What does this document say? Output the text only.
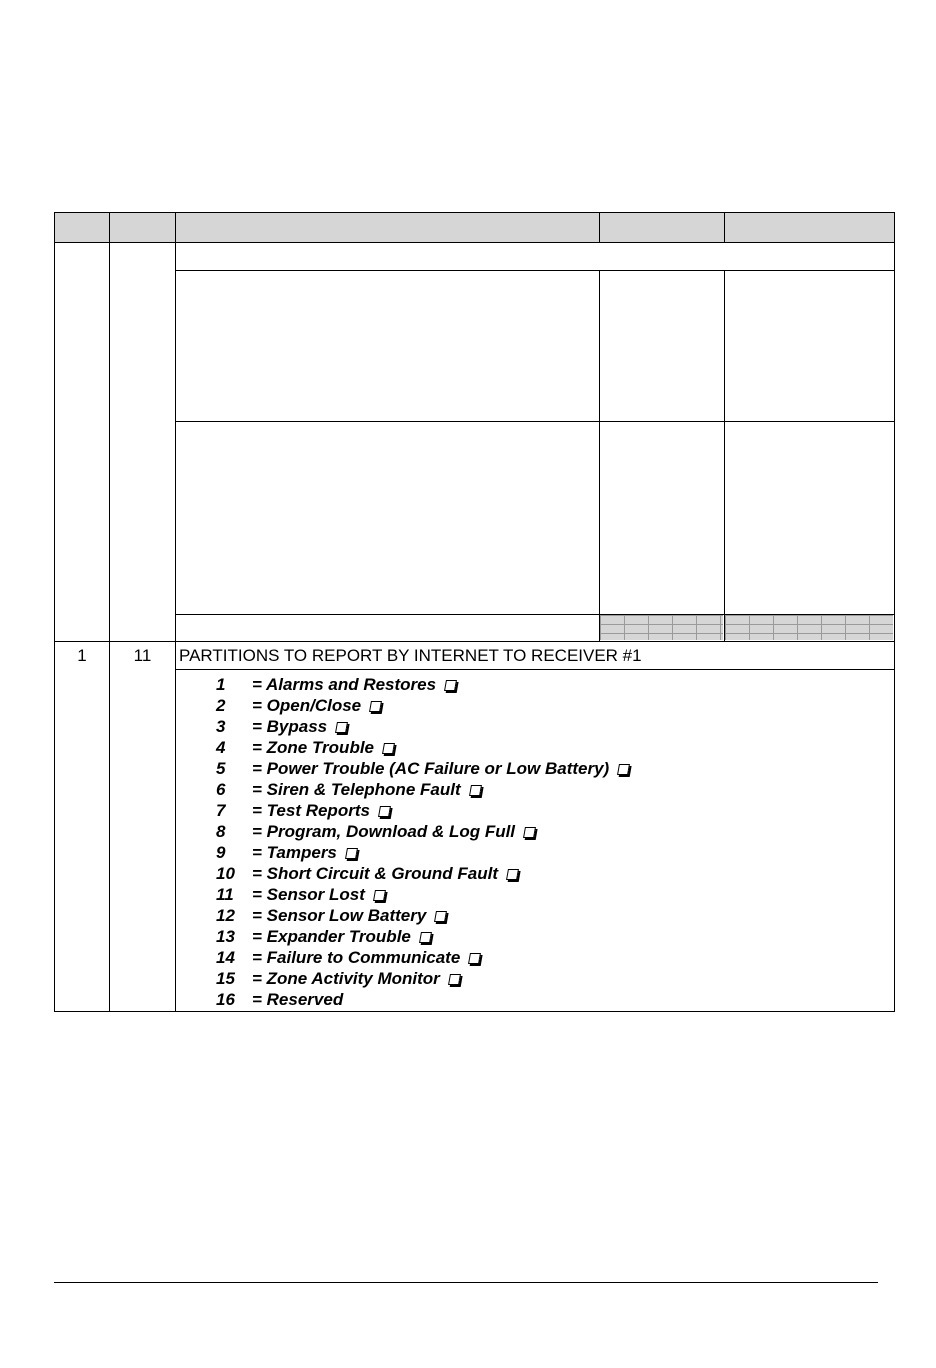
1	11	PARTITIONS TO REPORT BY INTERNET TO RECEIVER #1
1	= Alarms and Restores
2	= Open/Close
3	= Bypass
4	= Zone Trouble
5	= Power Trouble (AC Failure or Low Battery)
6	= Siren & Telephone Fault
7	= Test Reports
8	= Program, Download & Log Full
9	= Tampers
10	= Short Circuit & Ground Fault
11	= Sensor Lost
12	= Sensor Low Battery
13	= Expander Trouble
14	= Failure to Communicate
15	= Zone Activity Monitor
16	= Reserved
